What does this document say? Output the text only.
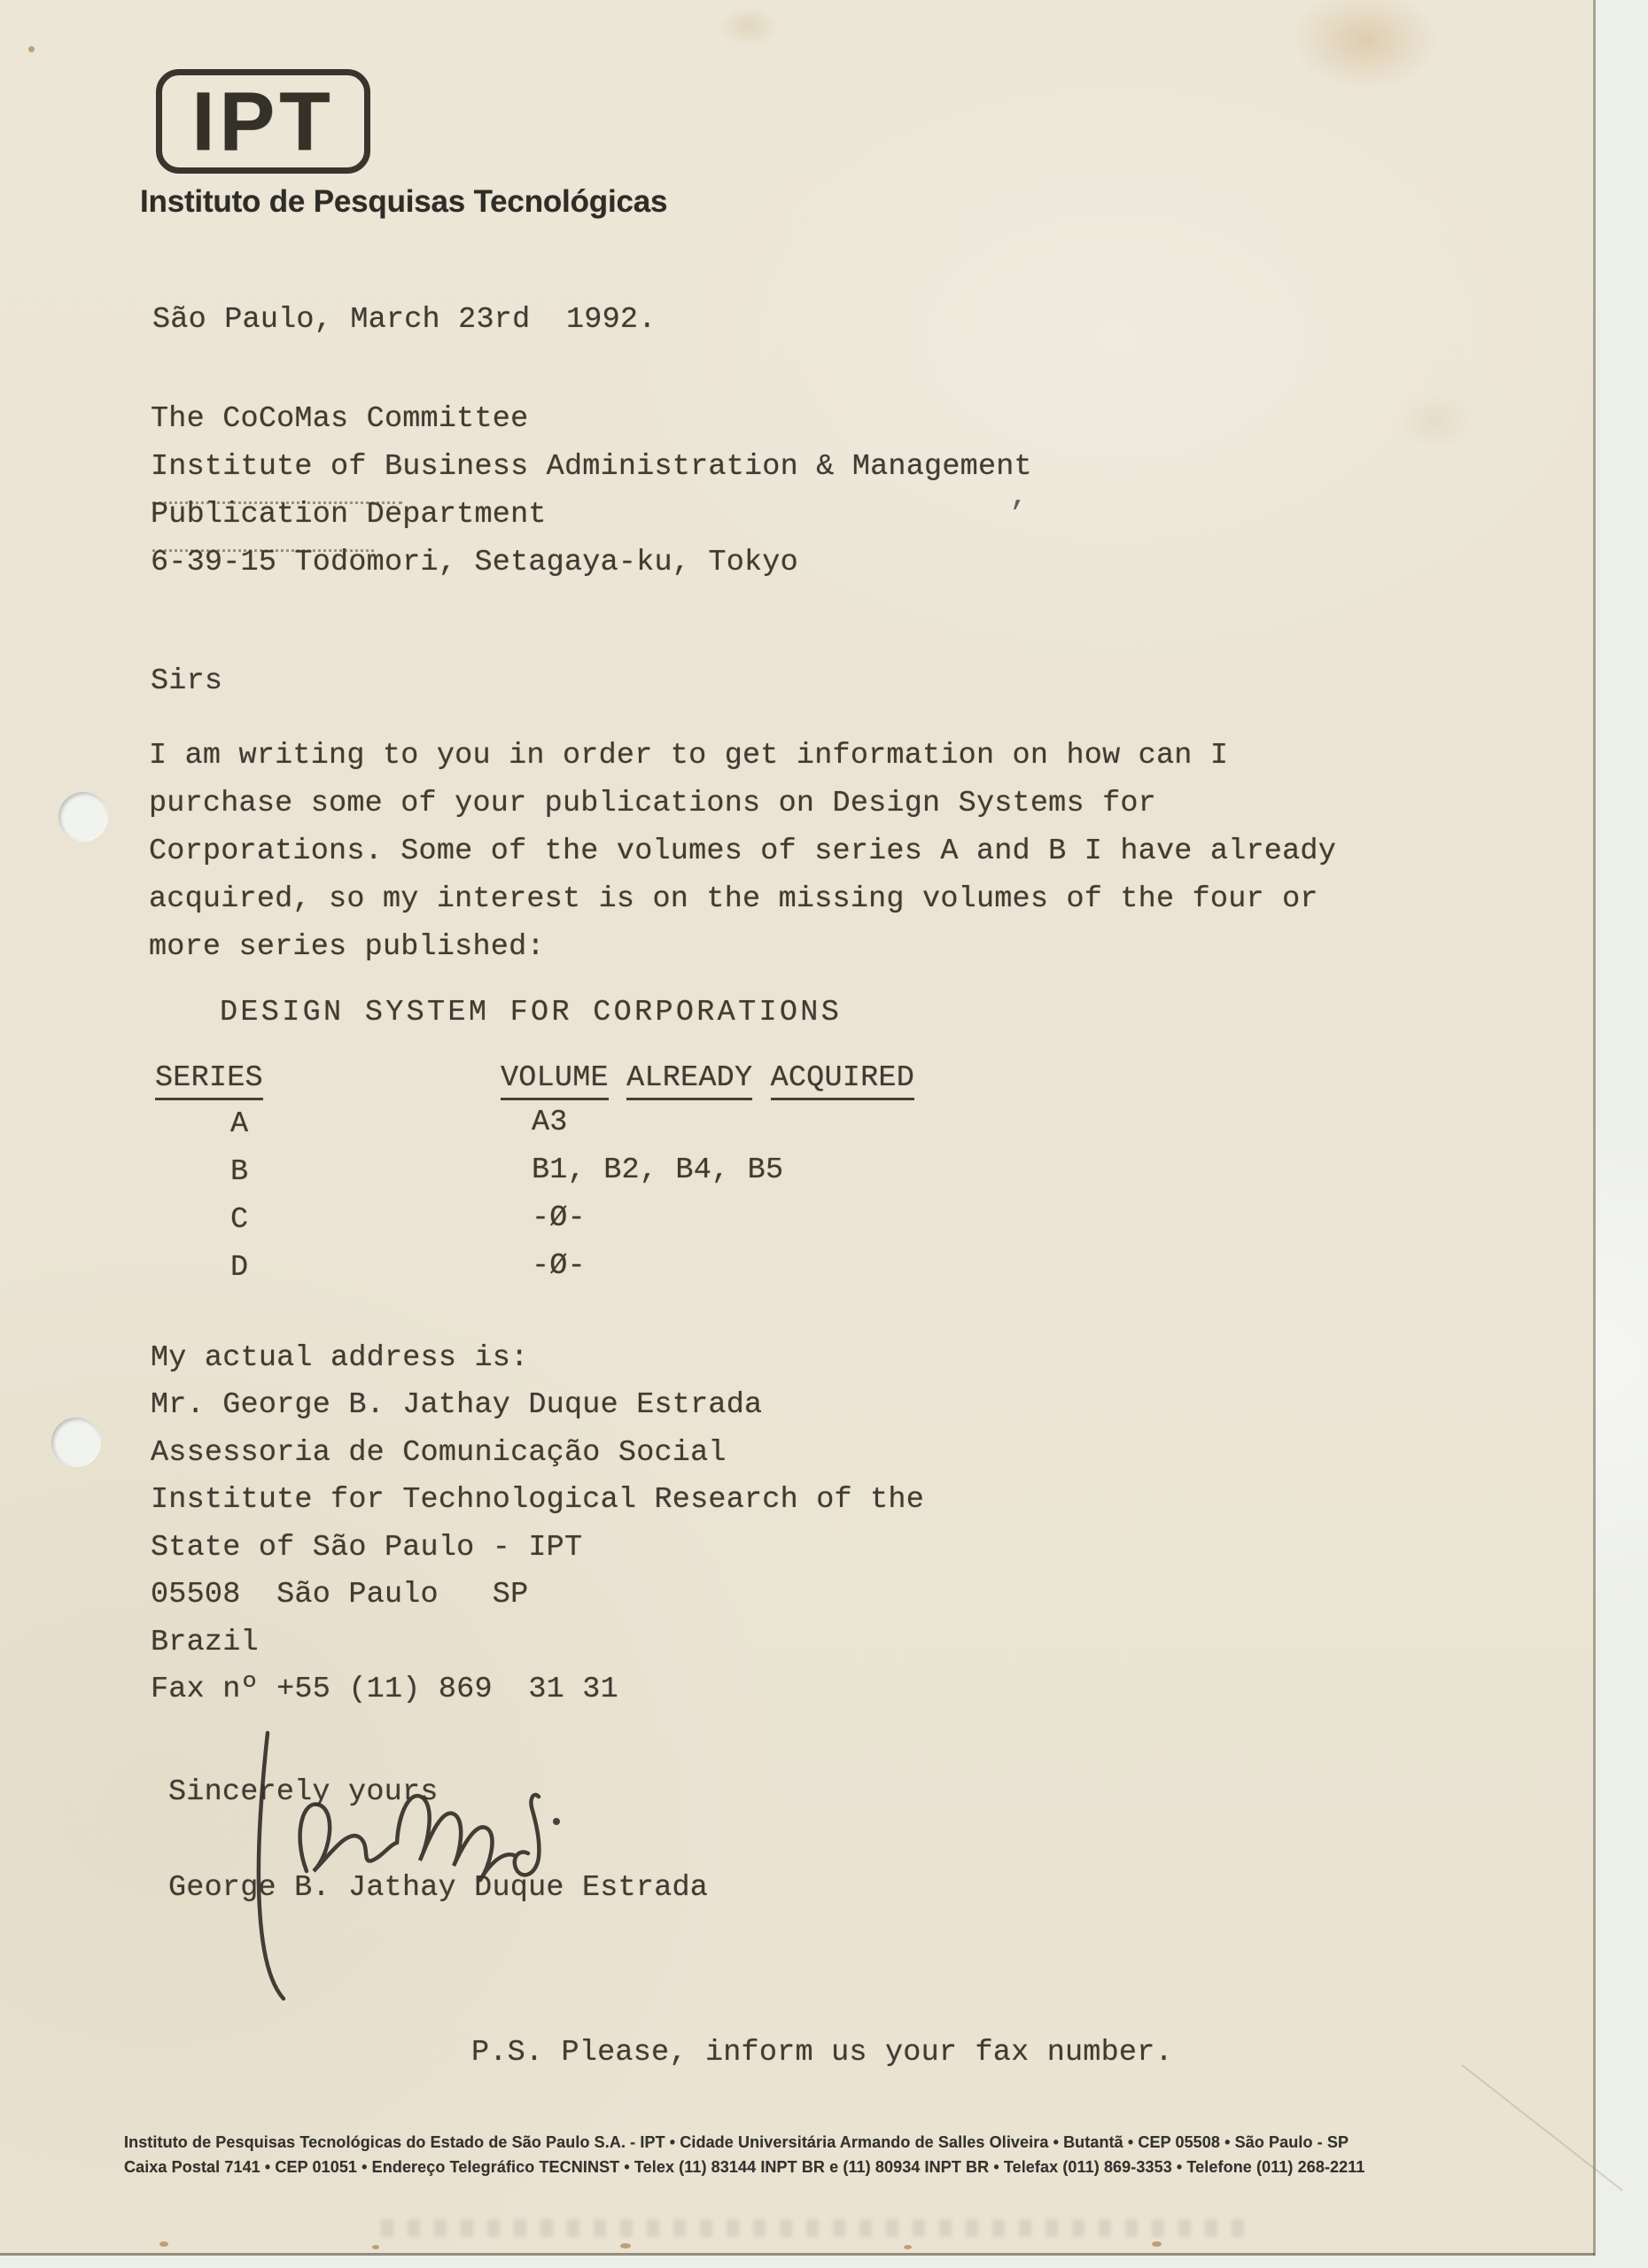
IPT
Instituto de Pesquisas Tecnológicas
São Paulo, March 23rd  1992.
The CoCoMas Committee
Institute of Business Administration & Management
Publication Department
6-39-15 Todomori, Setagaya-ku, Tokyo
,
Sirs
I am writing to you in order to get information on how can I
purchase some of your publications on Design Systems for
Corporations. Some of the volumes of series A and B I have already
acquired, so my interest is on the missing volumes of the four or
more series published:
DESIGN SYSTEM FOR CORPORATIONS
SERIES	VOLUME ALREADY ACQUIRED
A	A3
B	B1, B2, B4, B5
C	-Ø-
D	-Ø-
My actual address is:
Mr. George B. Jathay Duque Estrada
Assessoria de Comunicação Social
Institute for Technological Research of the
State of São Paulo - IPT
05508  São Paulo   SP
Brazil
Fax nº +55 (11) 869  31 31
Sincerely yours
George B. Jathay Duque Estrada
P.S. Please, inform us your fax number.
Instituto de Pesquisas Tecnológicas do Estado de São Paulo S.A. - IPT • Cidade Universitária Armando de Salles Oliveira • Butantã • CEP 05508 • São Paulo - SP
Caixa Postal 7141 • CEP 01051 • Endereço Telegráfico TECNINST • Telex (11) 83144 INPT BR e (11) 80934 INPT BR • Telefax (011) 869-3353 • Telefone (011) 268-2211
